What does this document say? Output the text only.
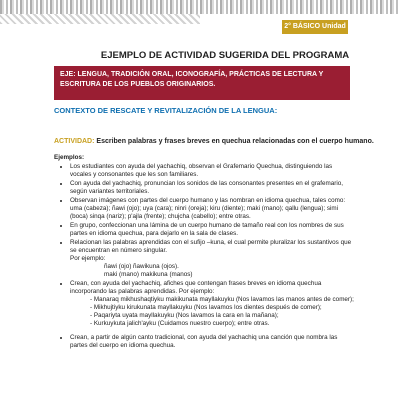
2° BÁSICO Unidad 3
EJEMPLO DE ACTIVIDAD SUGERIDA DEL PROGRAMA
EJE: LENGUA, TRADICIÓN ORAL, ICONOGRAFÍA, PRÁCTICAS DE LECTURA Y ESCRITURA DE LOS PUEBLOS ORIGINARIOS.
CONTEXTO DE RESCATE Y REVITALIZACIÓN DE LA LENGUA:
ACTIVIDAD: Escriben palabras y frases breves en quechua relacionadas con el cuerpo humano.
Ejemplos:
• Los estudiantes con ayuda del yachachiq, observan el Grafemario Quechua, distinguiendo las vocales y consonantes que les son familiares.
• Con ayuda del yachachiq, pronuncian los sonidos de las consonantes presentes en el grafemario, según variantes territoriales.
• Observan imágenes con partes del cuerpo humano y las nombran en idioma quechua, tales como: uma (cabeza); ñawi (ojo); uya (cara); ninri (oreja); kiru (diente); maki (mano); qallu (lengua); simi (boca) sinqa (nariz); p'ajla (frente); chujcha (cabello); entre otras.
• En grupo, confeccionan una lámina de un cuerpo humano de tamaño real con los nombres de sus partes en idioma quechua, para dejarlo en la sala de clases.
• Relacionan las palabras aprendidas con el sufijo –kuna, el cual permite pluralizar los sustantivos que se encuentran en número singular.
Por ejemplo:
ñawi (ojo) ñawikuna (ojos).
maki (mano) makikuna (manos)
• Crean, con ayuda del yachachiq, afiches que contengan frases breves en idioma quechua incorporando las palabras aprendidas. Por ejemplo:
- Manaraq mikhushaqtiyku makikunata mayllakuyku (Nos lavamos las manos antes de comer);
- Mikhujtiyku kirukunata mayllakuyku (Nos lavamos los dientes después de comer);
- Paqariyta uyata mayllakuyku (Nos lavamos la cara en la mañana);
- Kurkuykuta jalich'ayku (Cuidamos nuestro cuerpo); entre otras.
• Crean, a partir de algún canto tradicional, con ayuda del yachachiq una canción que nombra las partes del cuerpo en idioma quechua.
